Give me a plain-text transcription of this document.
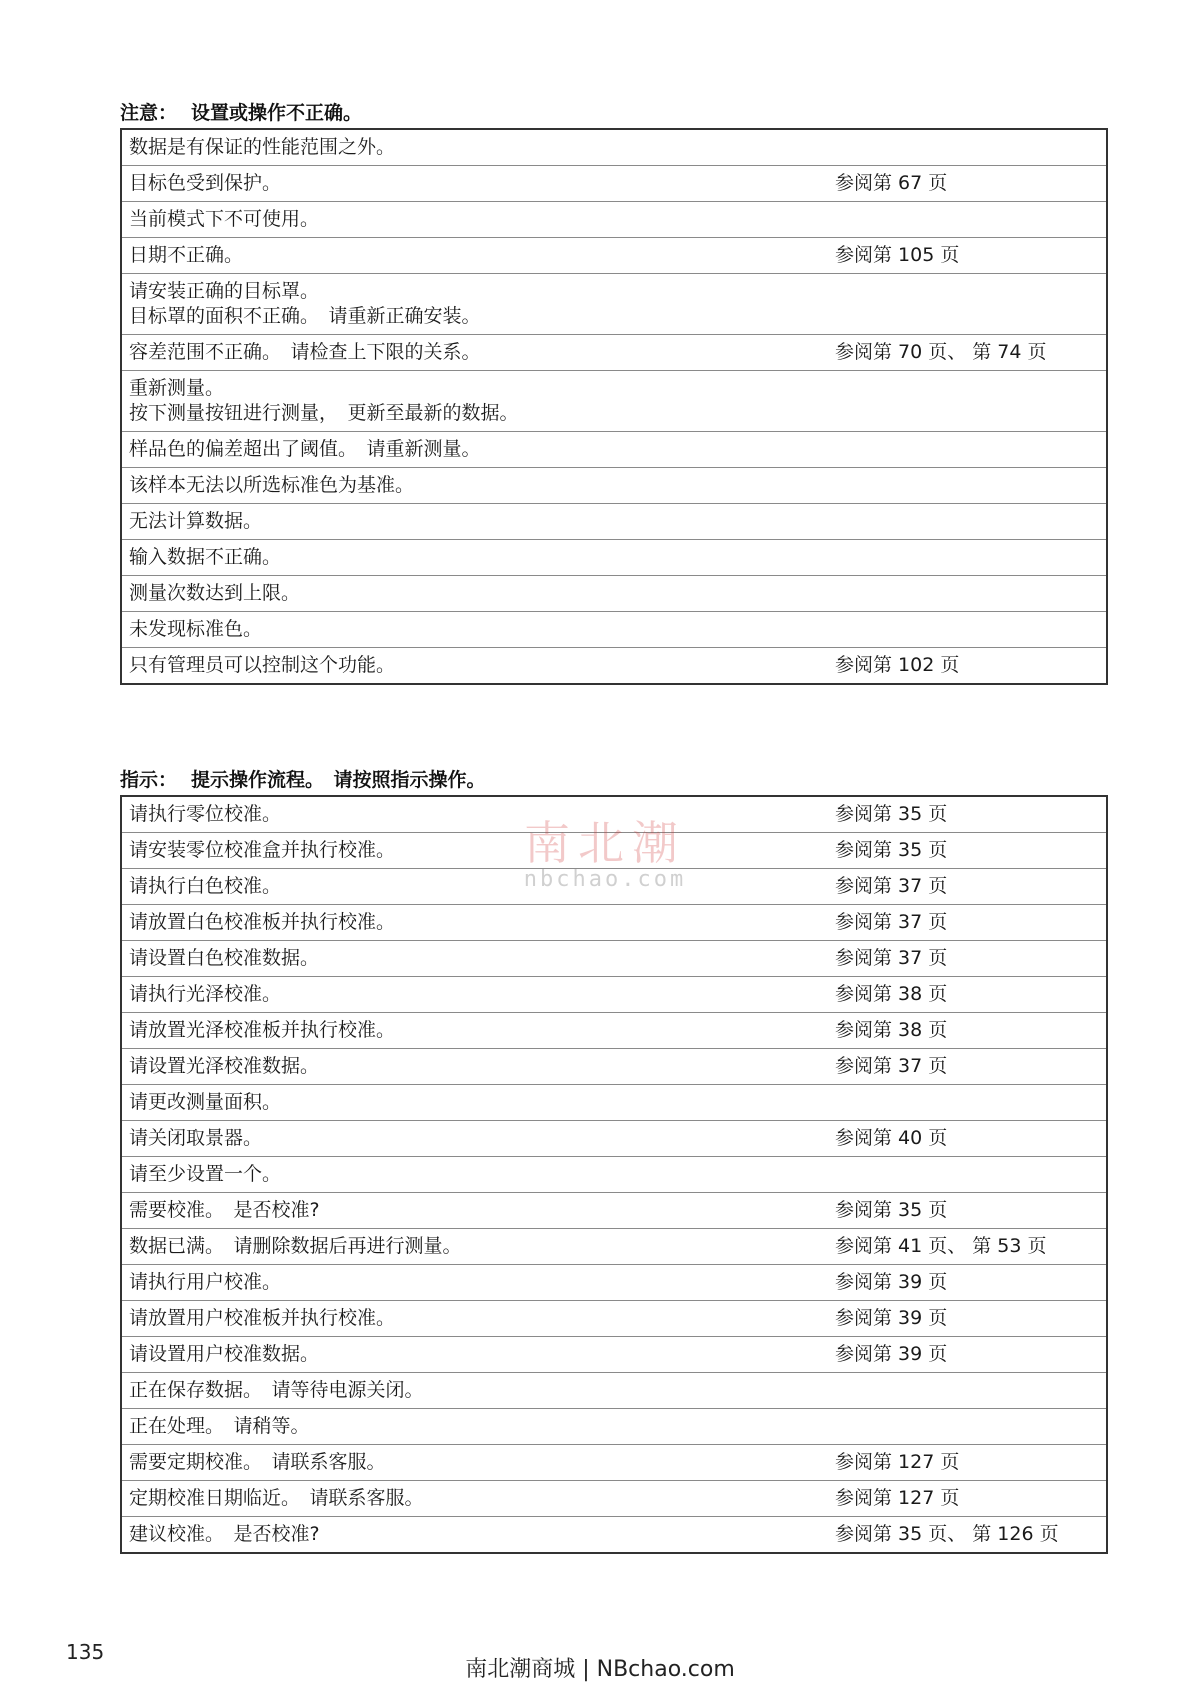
注意： 设置或操作不正确。
数据是有保证的性能范围之外。	

目标色受到保护。	参阅第 67 页

当前模式下不可使用。	

日期不正确。	参阅第 105 页

请安装正确的目标罩。
目标罩的面积不正确。　请重新正确安装。	

容差范围不正确。　请检查上下限的关系。	参阅第 70 页、 第 74 页

重新测量。
按下测量按钮进行测量，　更新至最新的数据。	

样品色的偏差超出了阈值。　请重新测量。	

该样本无法以所选标准色为基准。	

无法计算数据。	

输入数据不正确。	

测量次数达到上限。	

未发现标准色。	

只有管理员可以控制这个功能。	参阅第 102 页
指示： 提示操作流程。　请按照指示操作。
请执行零位校准。	参阅第 35 页

请安装零位校准盒并执行校准。	参阅第 35 页

请执行白色校准。	参阅第 37 页

请放置白色校准板并执行校准。	参阅第 37 页

请设置白色校准数据。	参阅第 37 页

请执行光泽校准。	参阅第 38 页

请放置光泽校准板并执行校准。	参阅第 38 页

请设置光泽校准数据。	参阅第 37 页

请更改测量面积。	

请关闭取景器。	参阅第 40 页

请至少设置一个。	

需要校准。　是否校准?	参阅第 35 页

数据已满。　请删除数据后再进行测量。	参阅第 41 页、 第 53 页

请执行用户校准。	参阅第 39 页

请放置用户校准板并执行校准。	参阅第 39 页

请设置用户校准数据。	参阅第 39 页

正在保存数据。　请等待电源关闭。	

正在处理。　请稍等。	

需要定期校准。　请联系客服。	参阅第 127 页

定期校准日期临近。　请联系客服。	参阅第 127 页

建议校准。　是否校准?	参阅第 35 页、 第 126 页
南北潮
nbchao.com
135
南北潮商城 | NBchao.com
